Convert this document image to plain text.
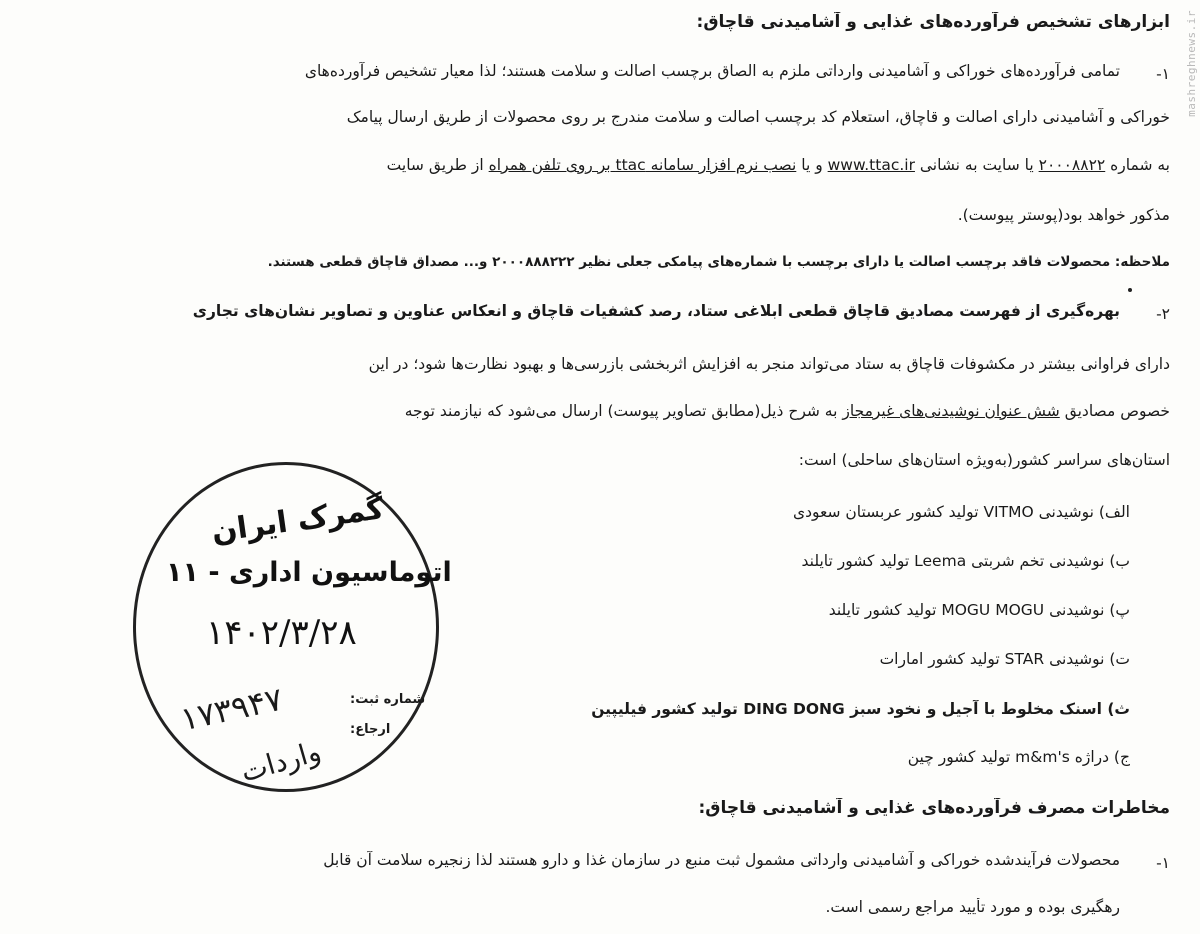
mashreghnews.ir
ابزارهای تشخیص فرآورده‌های غذایی و آشامیدنی قاچاق:
تمامی فرآورده‌های خوراکی و آشامیدنی وارداتی ملزم به الصاق برچسب اصالت و سلامت هستند؛ لذا معیار تشخیص فرآورده‌های	۱-
خوراکی و آشامیدنی دارای اصالت و قاچاق، استعلام کد برچسب اصالت و سلامت مندرج بر روی محصولات از طریق ارسال پیامک
به شماره ۲۰۰۰۸۸۲۲ یا سایت به نشانی www.ttac.ir و یا نصب نرم افزار سامانه ttac بر روی تلفن همراه از طریق سایت
مذکور خواهد بود(پوستر پیوست).
ملاحظه: محصولات فاقد برچسب اصالت یا دارای برچسب با شماره‌های پیامکی جعلی نظیر ۲۰۰۰۸۸۸۲۲۲ و... مصداق قاچاق قطعی هستند.
بهره‌گیری از فهرست مصادیق قاچاق قطعی ابلاغی ستاد، رصد کشفیات قاچاق و انعکاس عناوین و تصاویر نشان‌های تجاری	۲-
دارای فراوانی بیشتر در مکشوفات قاچاق به ستاد می‌تواند منجر به افزایش اثربخشی بازرسی‌ها و بهبود نظارت‌ها شود؛ در این
خصوص مصادیق شش عنوان نوشیدنی‌های غیرمجاز به شرح ذیل(مطابق تصاویر پیوست) ارسال می‌شود که نیازمند توجه
استان‌های سراسر کشور(به‌ویژه استان‌های ساحلی) است:
الف) نوشیدنی VITMO تولید کشور عربستان سعودی
ب) نوشیدنی تخم شربتی Leema تولید کشور تایلند
پ) نوشیدنی MOGU MOGU تولید کشور تایلند
ت) نوشیدنی STAR تولید کشور امارات
ث) اسنک مخلوط با آجیل و نخود سبز DING DONG تولید کشور فیلیپین
ج) دراژه m&m's تولید کشور چین
مخاطرات مصرف فرآورده‌های غذایی و آشامیدنی قاچاق:
محصولات فرآیندشده خوراکی و آشامیدنی وارداتی مشمول ثبت منبع در سازمان غذا و دارو هستند لذا زنجیره سلامت آن قابل	۱-
رهگیری بوده و مورد تأیید مراجع رسمی است.
گمرک ایران
اتوماسیون اداری - ۱۱
۱۴۰۲/۳/۲۸
شماره ثبت:
ارجاع:
۱۷۳۹۴۷
واردات
